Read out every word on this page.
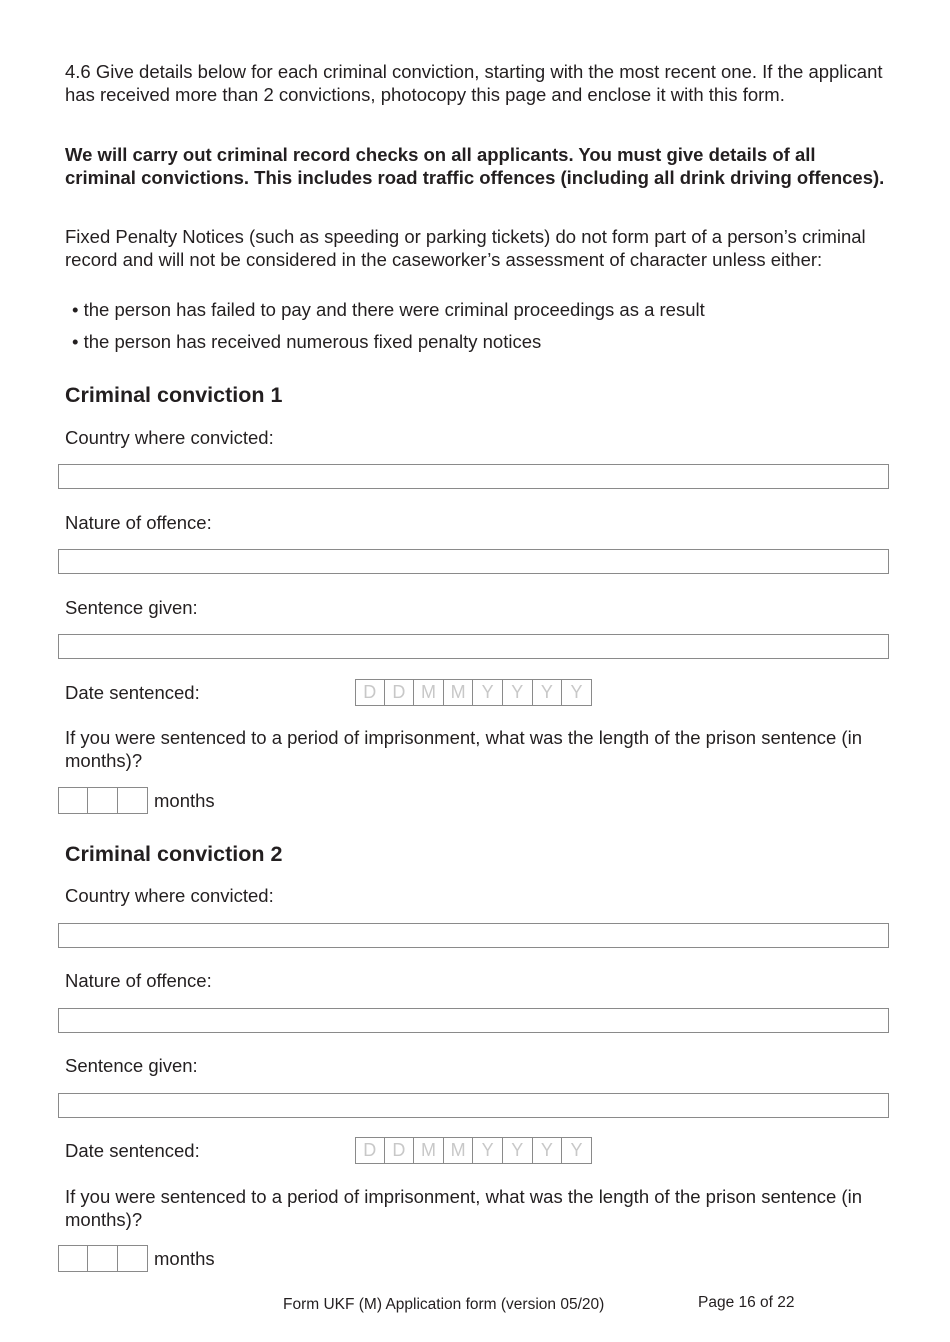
4.6 Give details below for each criminal conviction, starting with the most recent one. If the applicant has received more than 2 convictions, photocopy this page and enclose it with this form.
We will carry out criminal record checks on all applicants. You must give details of all criminal convictions. This includes road traffic offences (including all drink driving offences).
Fixed Penalty Notices (such as speeding or parking tickets) do not form part of a person’s criminal record and will not be considered in the caseworker’s assessment of character unless either:
• the person has failed to pay and there were criminal proceedings as a result
• the person has received numerous fixed penalty notices
Criminal conviction 1
Country where convicted:
Nature of offence:
Sentence given:
Date sentenced:	D D M M Y Y Y Y
If you were sentenced to a period of imprisonment, what was the length of the prison sentence (in months)?
months
Criminal conviction 2
Country where convicted:
Nature of offence:
Sentence given:
Date sentenced:	D D M M Y Y Y Y
If you were sentenced to a period of imprisonment, what was the length of the prison sentence (in months)?
months
Form UKF (M) Application form (version 05/20)	Page 16 of 22
